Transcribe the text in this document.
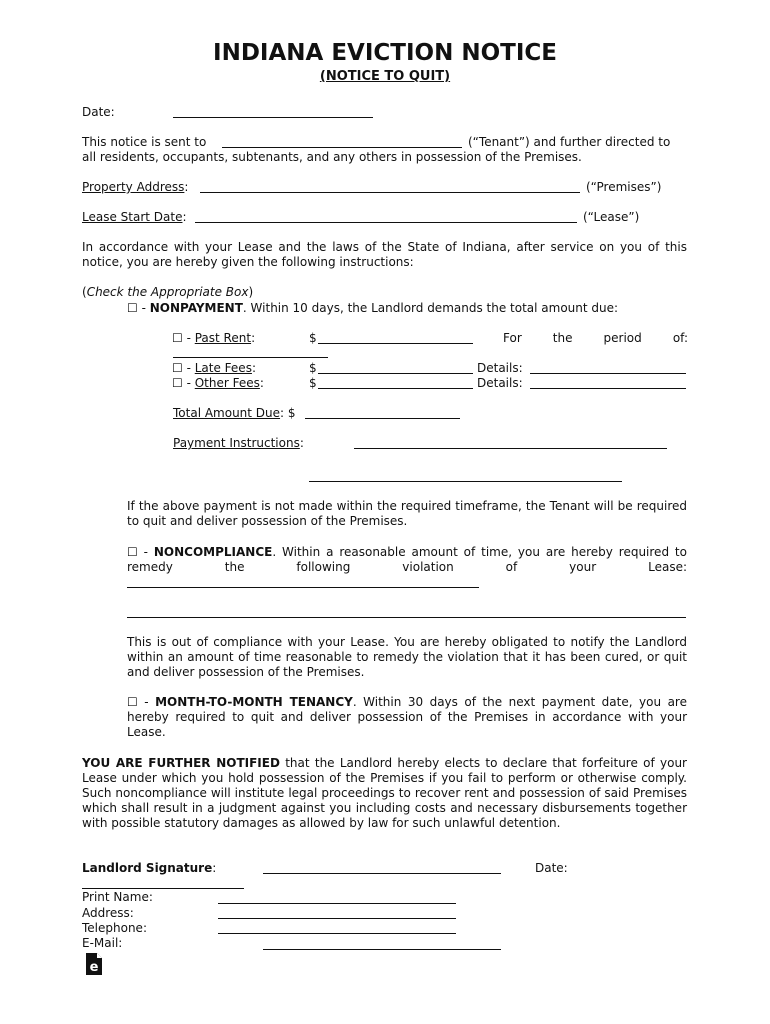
INDIANA EVICTION NOTICE
(NOTICE TO QUIT)
Date:
This notice is sent to	(“Tenant”) and further directed to
all residents, occupants, subtenants, and any others in possession of the Premises.
Property Address:	(“Premises”)
Lease Start Date:	(“Lease”)
In accordance with your Lease and the laws of the State of Indiana, after service on you of this notice, you are hereby given the following instructions:
(Check the Appropriate Box)
☐ - NONPAYMENT. Within 10 days, the Landlord demands the total amount due:
☐ - Past Rent:	$	For the period of:
☐ - Late Fees:	$	Details:
☐ - Other Fees:	$	Details:
Total Amount Due: $
Payment Instructions:
If the above payment is not made within the required timeframe, the Tenant will be required to quit and deliver possession of the Premises.
☐ - NONCOMPLIANCE. Within a reasonable amount of time, you are hereby required to
remedy the following violation of your Lease:
This is out of compliance with your Lease. You are hereby obligated to notify the Landlord within an amount of time reasonable to remedy the violation that it has been cured, or quit and deliver possession of the Premises.
☐ - MONTH-TO-MONTH TENANCY. Within 30 days of the next payment date, you are hereby required to quit and deliver possession of the Premises in accordance with your Lease.
YOU ARE FURTHER NOTIFIED that the Landlord hereby elects to declare that forfeiture of your Lease under which you hold possession of the Premises if you fail to perform or otherwise comply. Such noncompliance will institute legal proceedings to recover rent and possession of said Premises which shall result in a judgment against you including costs and necessary disbursements together with possible statutory damages as allowed by law for such unlawful detention.
Landlord Signature:	Date:
Print Name:
Address:
Telephone:
E-Mail:
e
